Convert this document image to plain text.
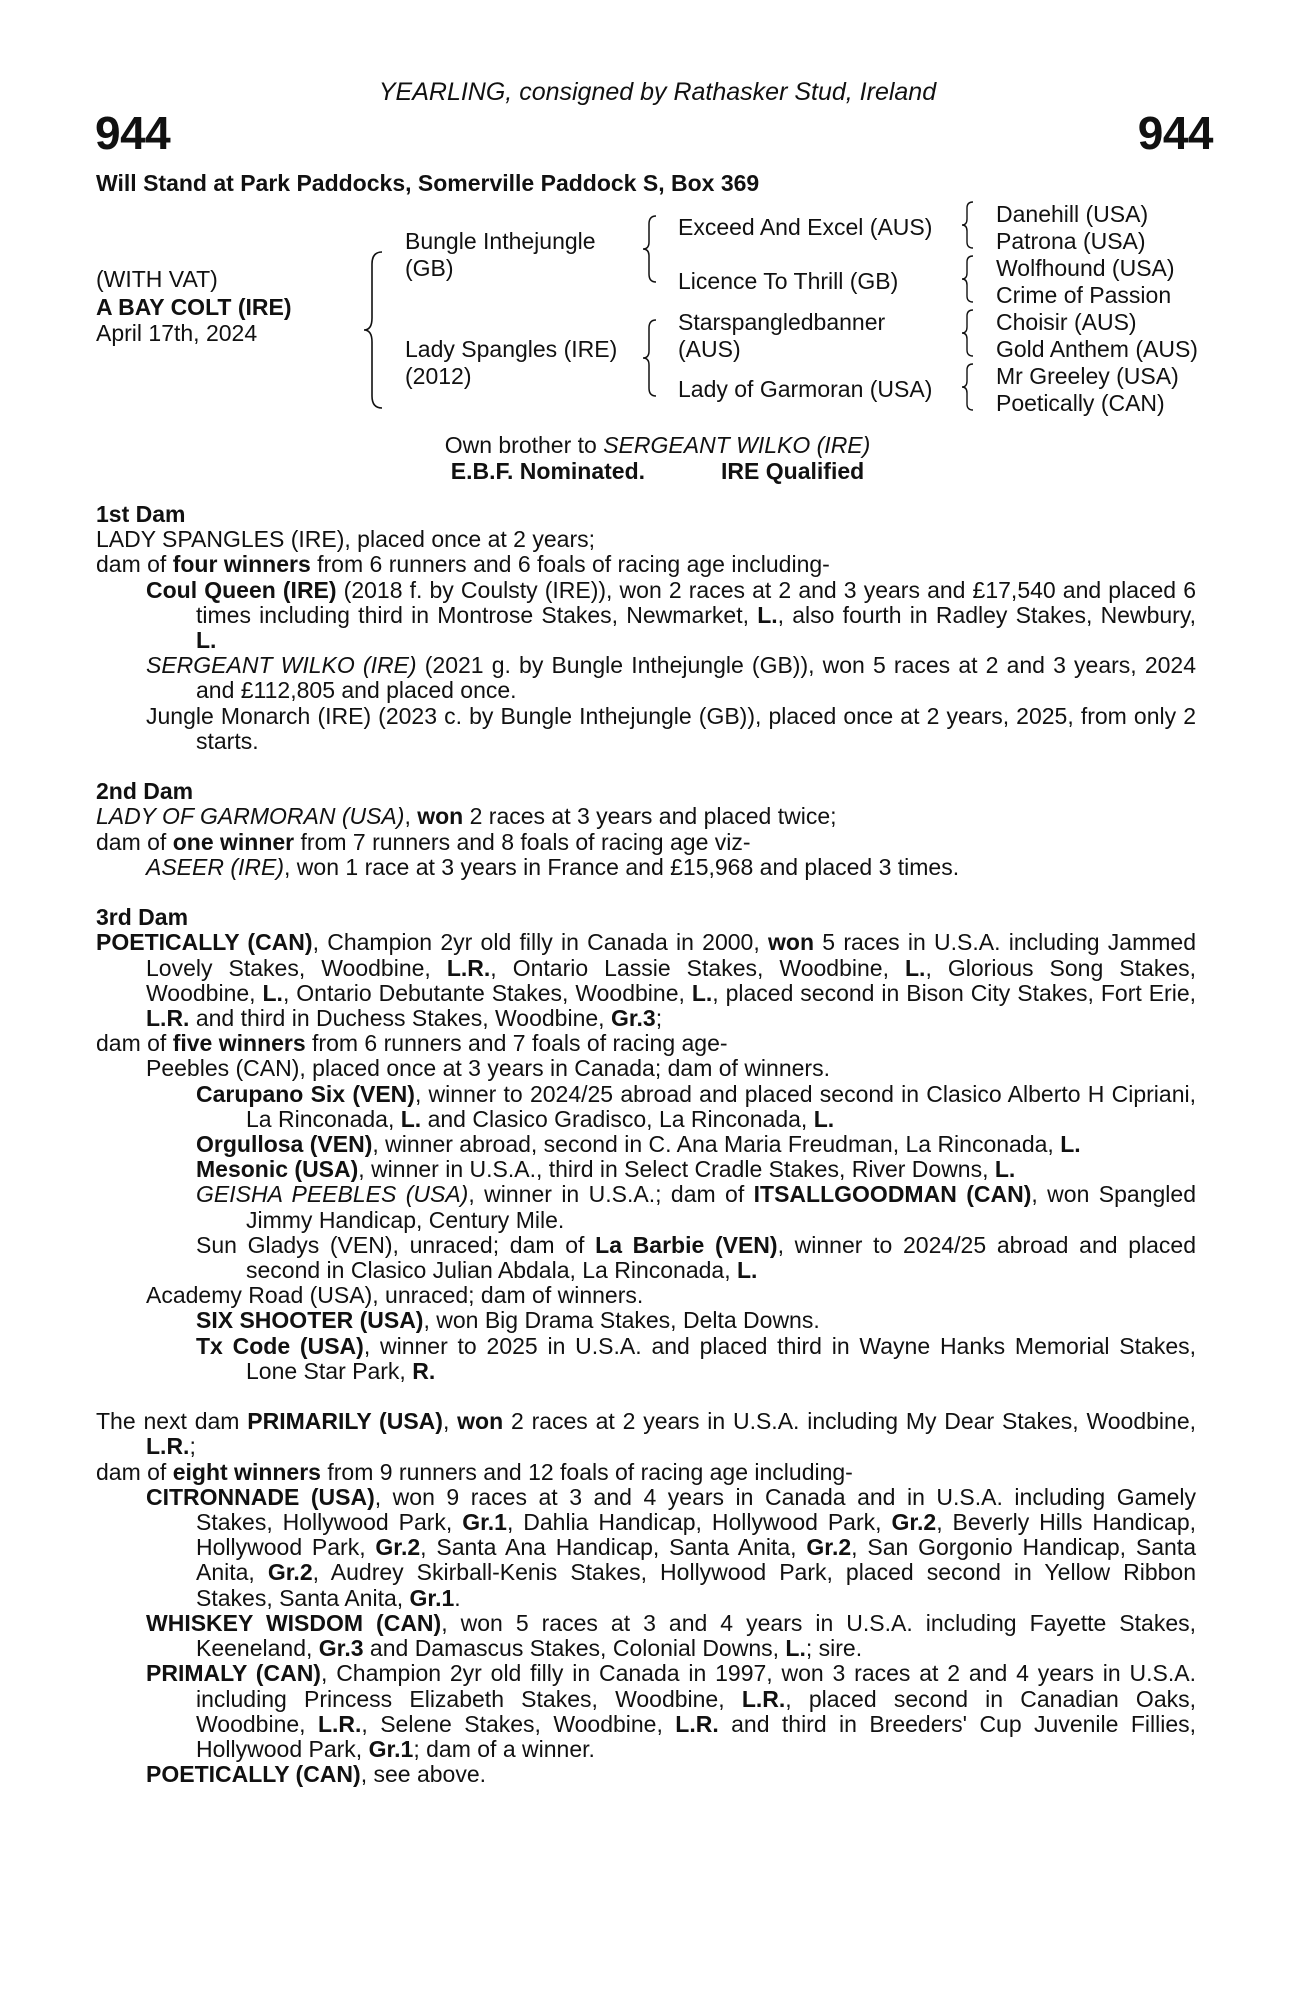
YEARLING, consigned by Rathasker Stud, Ireland
944	944
Will Stand at Park Paddocks, Somerville Paddock S, Box 369
(WITH VAT)
A BAY COLT (IRE)
April 17th, 2024
Bungle Inthejungle
(GB)
Lady Spangles (IRE)
(2012)
Exceed And Excel (AUS)
Licence To Thrill (GB)
Starspangledbanner
(AUS)
Lady of Garmoran (USA)
Danehill (USA)
Patrona (USA)
Wolfhound (USA)
Crime of Passion
Choisir (AUS)
Gold Anthem (AUS)
Mr Greeley (USA)
Poetically (CAN)
Own brother to SERGEANT WILKO (IRE)
E.B.F. Nominated.	IRE Qualified

1st Dam

LADY SPANGLES (IRE), placed once at 2 years;

dam of four winners from 6 runners and 6 foals of racing age including-

Coul Queen (IRE) (2018 f. by Coulsty (IRE)), won 2 races at 2 and 3 years and £17,540 and placed 6 times including third in Montrose Stakes, Newmarket, L., also fourth in Radley Stakes, Newbury, L.

SERGEANT WILKO (IRE) (2021 g. by Bungle Inthejungle (GB)), won 5 races at 2 and 3 years, 2024 and £112,805 and placed once.

Jungle Monarch (IRE) (2023 c. by Bungle Inthejungle (GB)), placed once at 2 years, 2025, from only 2 starts.

2nd Dam

LADY OF GARMORAN (USA), won 2 races at 3 years and placed twice;

dam of one winner from 7 runners and 8 foals of racing age viz-

ASEER (IRE), won 1 race at 3 years in France and £15,968 and placed 3 times.

3rd Dam

POETICALLY (CAN), Champion 2yr old filly in Canada in 2000, won 5 races in U.S.A. including Jammed Lovely Stakes, Woodbine, L.R., Ontario Lassie Stakes, Woodbine, L., Glorious Song Stakes, Woodbine, L., Ontario Debutante Stakes, Woodbine, L., placed second in Bison City Stakes, Fort Erie, L.R. and third in Duchess Stakes, Woodbine, Gr.3;

dam of five winners from 6 runners and 7 foals of racing age-

Peebles (CAN), placed once at 3 years in Canada; dam of winners.

Carupano Six (VEN), winner to 2024/25 abroad and placed second in Clasico Alberto H Cipriani, La Rinconada, L. and Clasico Gradisco, La Rinconada, L.

Orgullosa (VEN), winner abroad, second in C. Ana Maria Freudman, La Rinconada, L.

Mesonic (USA), winner in U.S.A., third in Select Cradle Stakes, River Downs, L.

GEISHA PEEBLES (USA), winner in U.S.A.; dam of ITSALLGOODMAN (CAN), won Spangled Jimmy Handicap, Century Mile.

Sun Gladys (VEN), unraced; dam of La Barbie (VEN), winner to 2024/25 abroad and placed second in Clasico Julian Abdala, La Rinconada, L.

Academy Road (USA), unraced; dam of winners.

SIX SHOOTER (USA), won Big Drama Stakes, Delta Downs.

Tx Code (USA), winner to 2025 in U.S.A. and placed third in Wayne Hanks Memorial Stakes, Lone Star Park, R.

The next dam PRIMARILY (USA), won 2 races at 2 years in U.S.A. including My Dear Stakes, Woodbine, L.R.;

dam of eight winners from 9 runners and 12 foals of racing age including-

CITRONNADE (USA), won 9 races at 3 and 4 years in Canada and in U.S.A. including Gamely Stakes, Hollywood Park, Gr.1, Dahlia Handicap, Hollywood Park, Gr.2, Beverly Hills Handicap, Hollywood Park, Gr.2, Santa Ana Handicap, Santa Anita, Gr.2, San Gorgonio Handicap, Santa Anita, Gr.2, Audrey Skirball-Kenis Stakes, Hollywood Park, placed second in Yellow Ribbon Stakes, Santa Anita, Gr.1.

WHISKEY WISDOM (CAN), won 5 races at 3 and 4 years in U.S.A. including Fayette Stakes, Keeneland, Gr.3 and Damascus Stakes, Colonial Downs, L.; sire.

PRIMALY (CAN), Champion 2yr old filly in Canada in 1997, won 3 races at 2 and 4 years in U.S.A. including Princess Elizabeth Stakes, Woodbine, L.R., placed second in Canadian Oaks, Woodbine, L.R., Selene Stakes, Woodbine, L.R. and third in Breeders' Cup Juvenile Fillies, Hollywood Park, Gr.1; dam of a winner.

POETICALLY (CAN), see above.
